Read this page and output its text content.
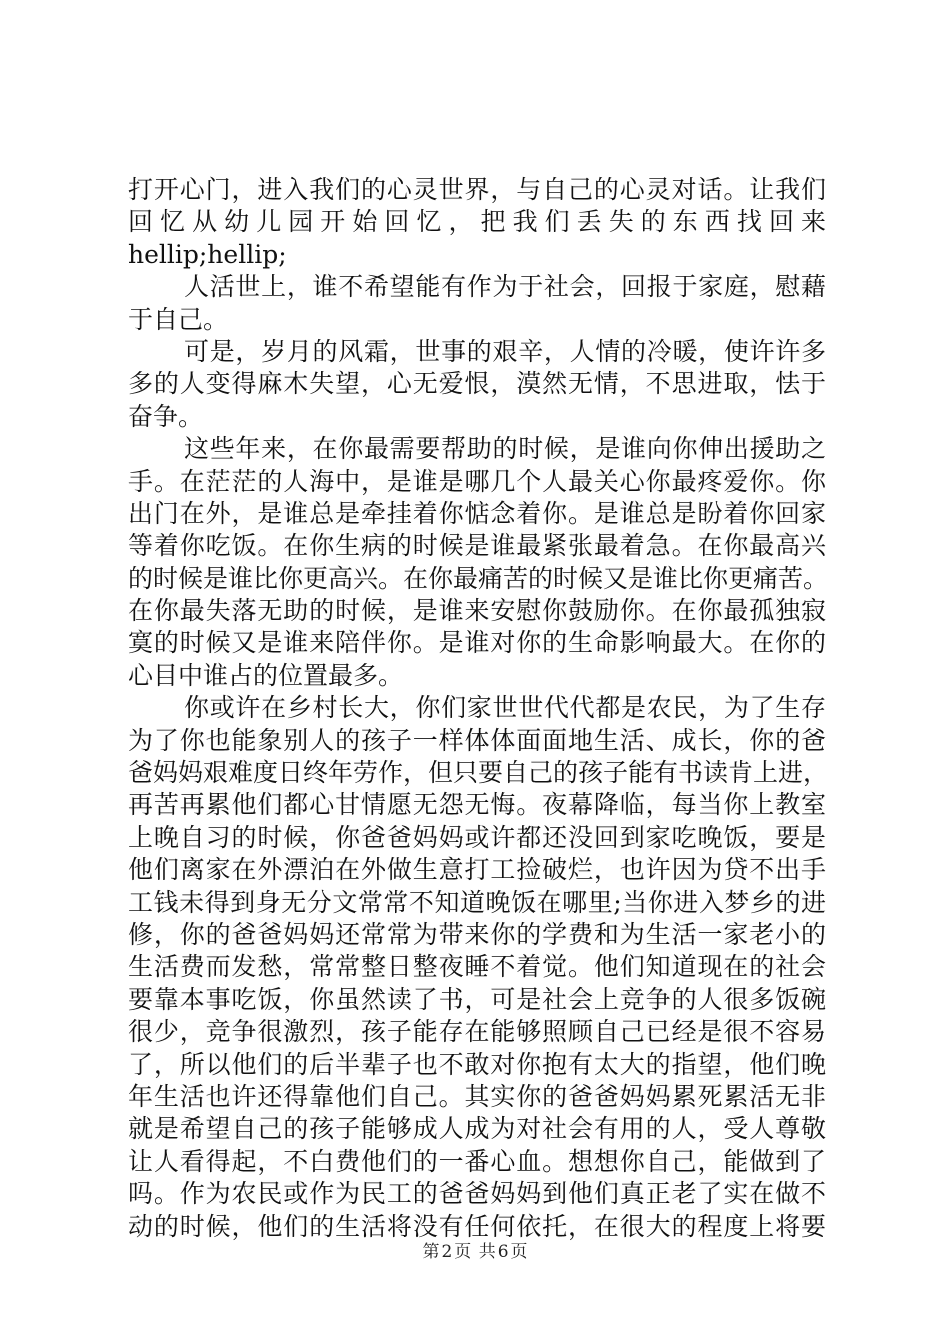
打开心门，进入我们的心灵世界，与自己的心灵对话。让我们
回忆从幼儿园开始回忆，把我们丢失的东西找回来
hellip;hellip;
人活世上，谁不希望能有作为于社会，回报于家庭，慰藉
于自己。
可是，岁月的风霜，世事的艰辛，人情的冷暖，使许许多
多的人变得麻木失望，心无爱恨，漠然无情，不思进取，怯于
奋争。
这些年来，在你最需要帮助的时候，是谁向你伸出援助之
手。在茫茫的人海中，是谁是哪几个人最关心你最疼爱你。你
出门在外，是谁总是牵挂着你惦念着你。是谁总是盼着你回家
等着你吃饭。在你生病的时候是谁最紧张最着急。在你最高兴
的时候是谁比你更高兴。在你最痛苦的时候又是谁比你更痛苦。
在你最失落无助的时候，是谁来安慰你鼓励你。在你最孤独寂
寞的时候又是谁来陪伴你。是谁对你的生命影响最大。在你的
心目中谁占的位置最多。
你或许在乡村长大，你们家世世代代都是农民，为了生存
为了你也能象别人的孩子一样体体面面地生活、成长，你的爸
爸妈妈艰难度日终年劳作，但只要自己的孩子能有书读肯上进，
再苦再累他们都心甘情愿无怨无悔。夜幕降临，每当你上教室
上晚自习的时候，你爸爸妈妈或许都还没回到家吃晚饭，要是
他们离家在外漂泊在外做生意打工捡破烂，也许因为贷不出手
工钱未得到身无分文常常不知道晚饭在哪里;当你进入梦乡的进
修，你的爸爸妈妈还常常为带来你的学费和为生活一家老小的
生活费而发愁，常常整日整夜睡不着觉。他们知道现在的社会
要靠本事吃饭，你虽然读了书，可是社会上竞争的人很多饭碗
很少，竞争很激烈，孩子能存在能够照顾自己已经是很不容易
了，所以他们的后半辈子也不敢对你抱有太大的指望，他们晚
年生活也许还得靠他们自己。其实你的爸爸妈妈累死累活无非
就是希望自己的孩子能够成人成为对社会有用的人，受人尊敬
让人看得起，不白费他们的一番心血。想想你自己，能做到了
吗。作为农民或作为民工的爸爸妈妈到他们真正老了实在做不
动的时候，他们的生活将没有任何依托，在很大的程度上将要
第 2 页 共 6 页
